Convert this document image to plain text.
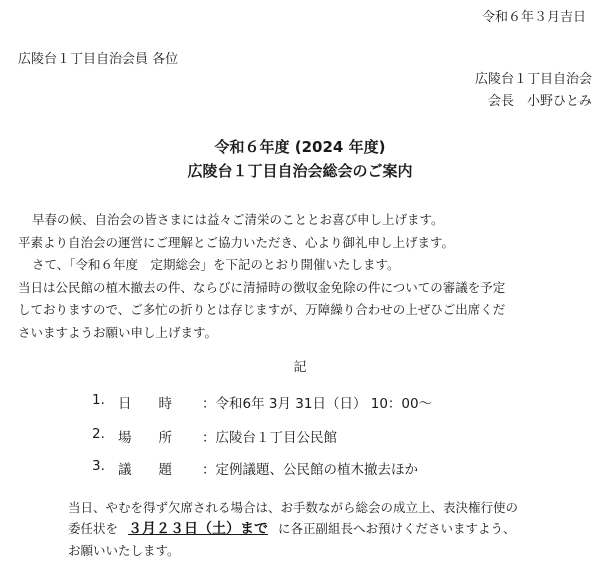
令和６年３月吉日
広陵台１丁目自治会員 各位
広陵台１丁目自治会
会長　小野ひとみ
令和６年度 (2024 年度)
広陵台１丁目自治会総会のご案内

早春の候、自治会の皆さまには益々ご清栄のこととお喜び申し上げます。

平素より自治会の運営にご理解とご協力いただき、心より御礼申し上げます。

さて、「令和６年度　定期総会」を下記のとおり開催いたします。

当日は公民館の植木撤去の件、ならびに清掃時の徴収金免除の件についての審議を予定

しておりますので、ご多忙の折りとは存じますが、万障繰り合わせの上ぜひご出席くだ

さいますようお願い申し上げます。

記
1. 日　　時 ：令和6年 3月 31日（日） 10：00〜
2. 場　　所 ：広陵台１丁目公民館
3. 議　　題 ：定例議題、公民館の植木撤去ほか

当日、やむを得ず欠席される場合は、お手数ながら総会の成立上、表決権行使の

委任状を ３月２３日（土）まで に各正副組長へお預けくださいますよう、

お願いいたします。
